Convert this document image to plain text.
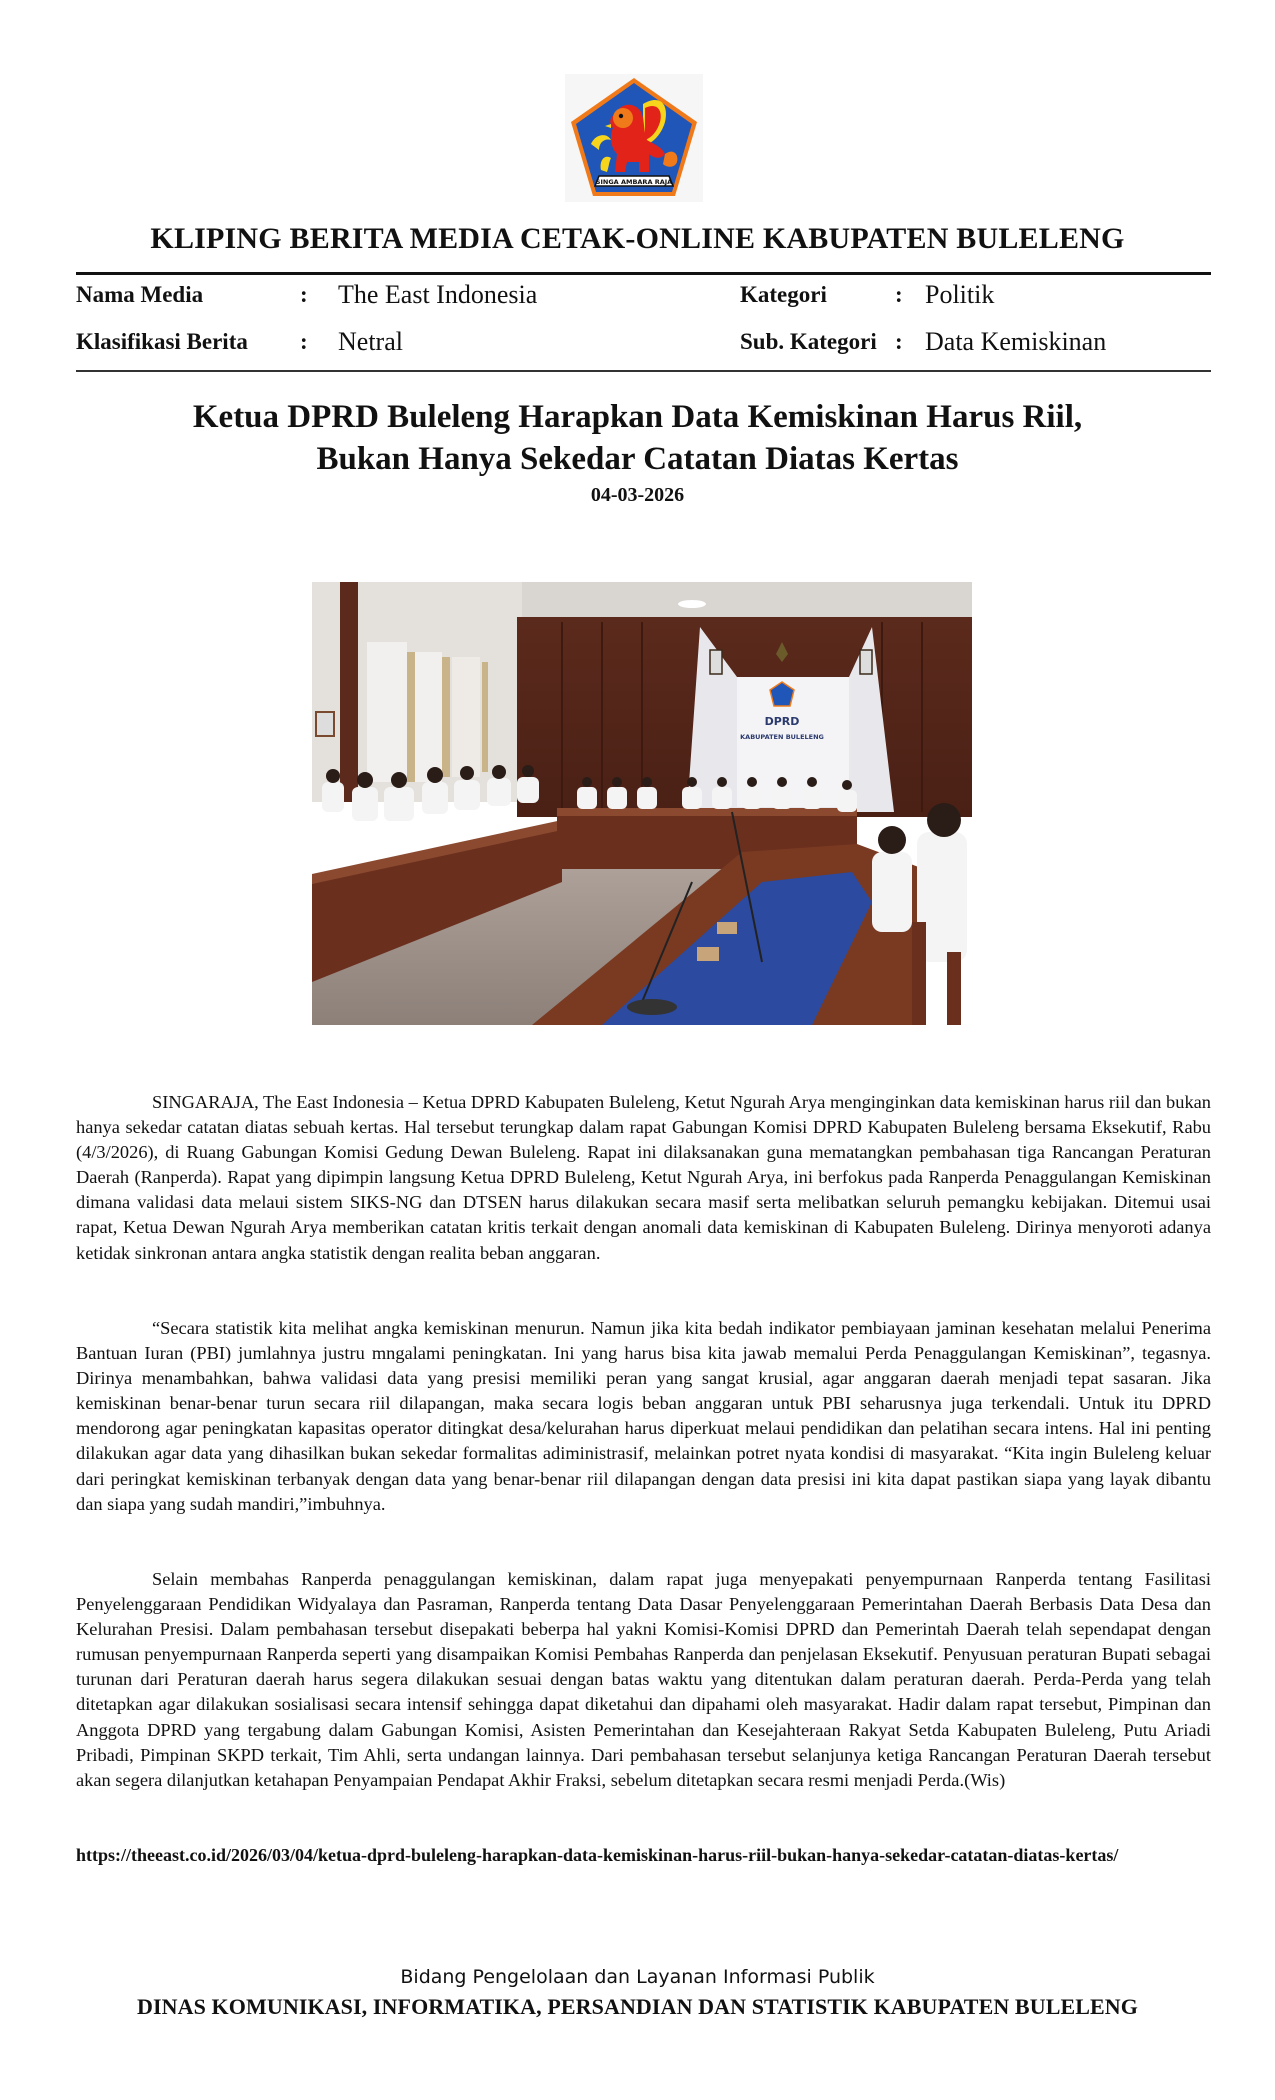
SINGA AMBARA RAJA
KLIPING BERITA MEDIA CETAK-ONLINE KABUPATEN BULELENG
Nama Media	: The East Indonesia
Klasifikasi Berita : Netral
Kategori	: Politik
Sub. Kategori : Data Kemiskinan
Ketua DPRD Buleleng Harapkan Data Kemiskinan Harus Riil,
Bukan Hanya Sekedar Catatan Diatas Kertas
04-03-2026
DPRD
KABUPATEN BULELENG
SINGARAJA, The East Indonesia – Ketua DPRD Kabupaten Buleleng, Ketut Ngurah Arya menginginkan data kemiskinan harus riil dan bukan hanya sekedar catatan diatas sebuah kertas. Hal tersebut terungkap dalam rapat Gabungan Komisi DPRD Kabupaten Buleleng bersama Eksekutif, Rabu (4/3/2026), di Ruang Gabungan Komisi Gedung Dewan Buleleng. Rapat ini dilaksanakan guna mematangkan pembahasan tiga Rancangan Peraturan Daerah (Ranperda). Rapat yang dipimpin langsung Ketua DPRD Buleleng, Ketut Ngurah Arya, ini berfokus pada Ranperda Penaggulangan Kemiskinan dimana validasi data melaui sistem SIKS-NG dan DTSEN harus dilakukan secara masif serta melibatkan seluruh pemangku kebijakan. Ditemui usai rapat, Ketua Dewan Ngurah Arya memberikan catatan kritis terkait dengan anomali data kemiskinan di Kabupaten Buleleng. Dirinya menyoroti adanya ketidak sinkronan antara angka statistik dengan realita beban anggaran.
“Secara statistik kita melihat angka kemiskinan menurun. Namun jika kita bedah indikator pembiayaan jaminan kesehatan melalui Penerima Bantuan Iuran (PBI) jumlahnya justru mngalami peningkatan. Ini yang harus bisa kita jawab memalui Perda Penaggulangan Kemiskinan”, tegasnya. Dirinya menambahkan, bahwa validasi data yang presisi memiliki peran yang sangat krusial, agar anggaran daerah menjadi tepat sasaran. Jika kemiskinan benar-benar turun secara riil dilapangan, maka secara logis beban anggaran untuk PBI seharusnya juga terkendali. Untuk itu DPRD mendorong agar peningkatan kapasitas operator ditingkat desa/kelurahan harus diperkuat melaui pendidikan dan pelatihan secara intens. Hal ini penting dilakukan agar data yang dihasilkan bukan sekedar formalitas adiministrasif, melainkan potret nyata kondisi di masyarakat. “Kita ingin Buleleng keluar dari peringkat kemiskinan terbanyak dengan data yang benar-benar riil dilapangan dengan data presisi ini kita dapat pastikan siapa yang layak dibantu dan siapa yang sudah mandiri,”imbuhnya.
Selain membahas Ranperda penaggulangan kemiskinan, dalam rapat juga menyepakati penyempurnaan Ranperda tentang Fasilitasi Penyelenggaraan Pendidikan Widyalaya dan Pasraman, Ranperda tentang Data Dasar Penyelenggaraan Pemerintahan Daerah Berbasis Data Desa dan Kelurahan Presisi. Dalam pembahasan tersebut disepakati beberpa hal yakni Komisi-Komisi DPRD dan Pemerintah Daerah telah sependapat dengan rumusan penyempurnaan Ranperda seperti yang disampaikan Komisi Pembahas Ranperda dan penjelasan Eksekutif. Penyusuan peraturan Bupati sebagai turunan dari Peraturan daerah harus segera dilakukan sesuai dengan batas waktu yang ditentukan dalam peraturan daerah. Perda-Perda yang telah ditetapkan agar dilakukan sosialisasi secara intensif sehingga dapat diketahui dan dipahami oleh masyarakat. Hadir dalam rapat tersebut, Pimpinan dan Anggota DPRD yang tergabung dalam Gabungan Komisi, Asisten Pemerintahan dan Kesejahteraan Rakyat Setda Kabupaten Buleleng, Putu Ariadi Pribadi, Pimpinan SKPD terkait, Tim Ahli, serta undangan lainnya. Dari pembahasan tersebut selanjunya ketiga Rancangan Peraturan Daerah tersebut akan segera dilanjutkan ketahapan Penyampaian Pendapat Akhir Fraksi, sebelum ditetapkan secara resmi menjadi Perda.(Wis)
https://theeast.co.id/2026/03/04/ketua-dprd-buleleng-harapkan-data-kemiskinan-harus-riil-bukan-hanya-sekedar-catatan-diatas-kertas/
Bidang Pengelolaan dan Layanan Informasi Publik
DINAS KOMUNIKASI, INFORMATIKA, PERSANDIAN DAN STATISTIK KABUPATEN BULELENG
